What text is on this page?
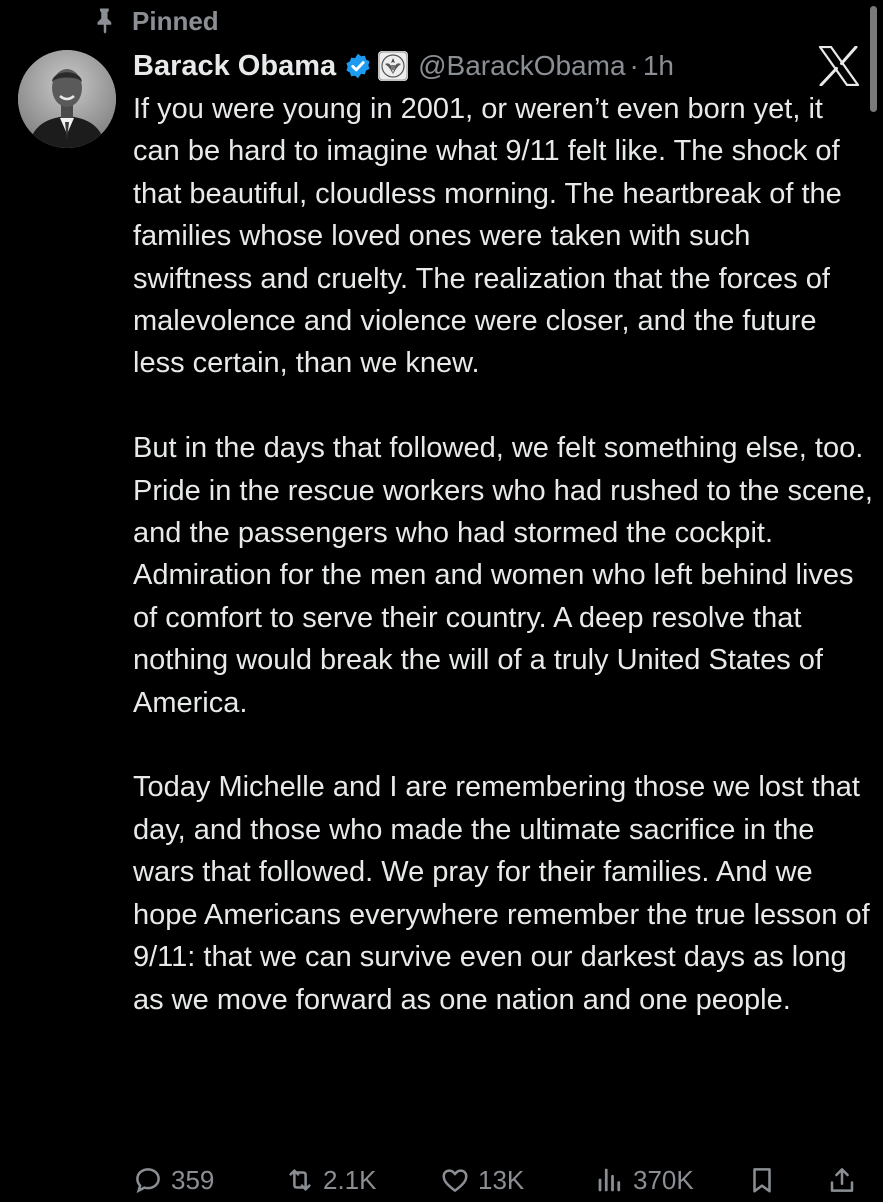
Pinned
Barack Obama	@BarackObama · 1h

If you were young in 2001, or weren’t even born yet, it can be hard to imagine what 9/11 felt like. The shock of that beautiful, cloudless morning. The heartbreak of the families whose loved ones were taken with such swiftness and cruelty. The realization that the forces of malevolence and violence were closer, and the future less certain, than we knew.

But in the days that followed, we felt something else, too. Pride in the rescue workers who had rushed to the scene, and the passengers who had stormed the cockpit. Admiration for the men and women who left behind lives of comfort to serve their country. A deep resolve that nothing would break the will of a truly United States of America.

Today Michelle and I are remembering those we lost that day, and those who made the ultimate sacrifice in the wars that followed. We pray for their families. And we hope Americans everywhere remember the true lesson of 9/11: that we can survive even our darkest days as long as we move forward as one nation and one people.

359	2.1K	13K	370K
